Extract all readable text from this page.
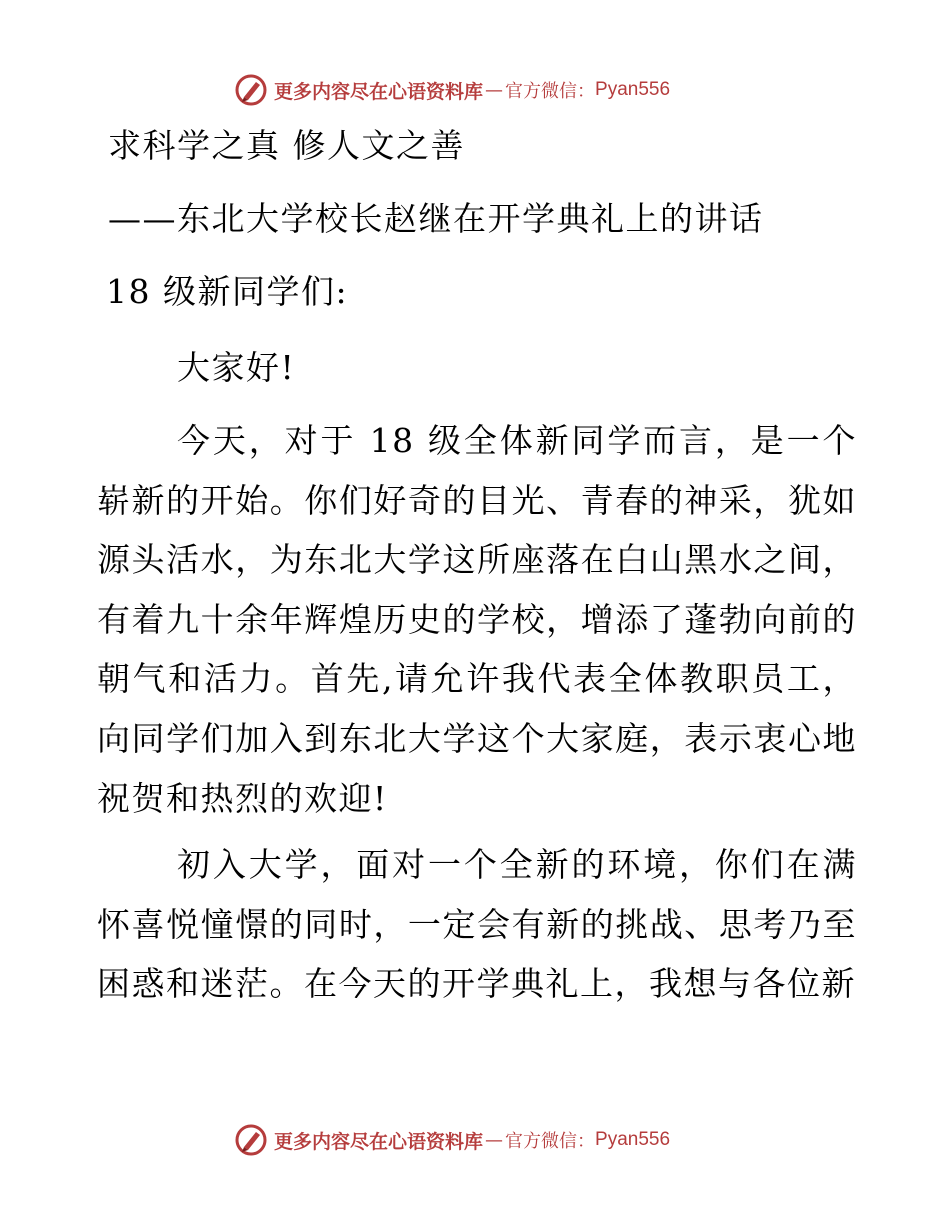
更多内容尽在心语资料库 — 官方微信： Pyan556
求科学之真 修人文之善
——东北大学校长赵继在开学典礼上的讲话
18 级新同学们:
大家好!

今天，对于 18 级全体新同学而言，是一个崭新的开始。你们好奇的目光、青春的神采，犹如源头活水，为东北大学这所座落在白山黑水之间，有着九十余年辉煌历史的学校，增添了蓬勃向前的朝气和活力。首先,请允许我代表全体教职员工，向同学们加入到东北大学这个大家庭，表示衷心地祝贺和热烈的欢迎!

初入大学，面对一个全新的环境，你们在满怀喜悦憧憬的同时，一定会有新的挑战、思考乃至困惑和迷茫。在今天的开学典礼上，我想与各位新

更多内容尽在心语资料库 — 官方微信： Pyan556
